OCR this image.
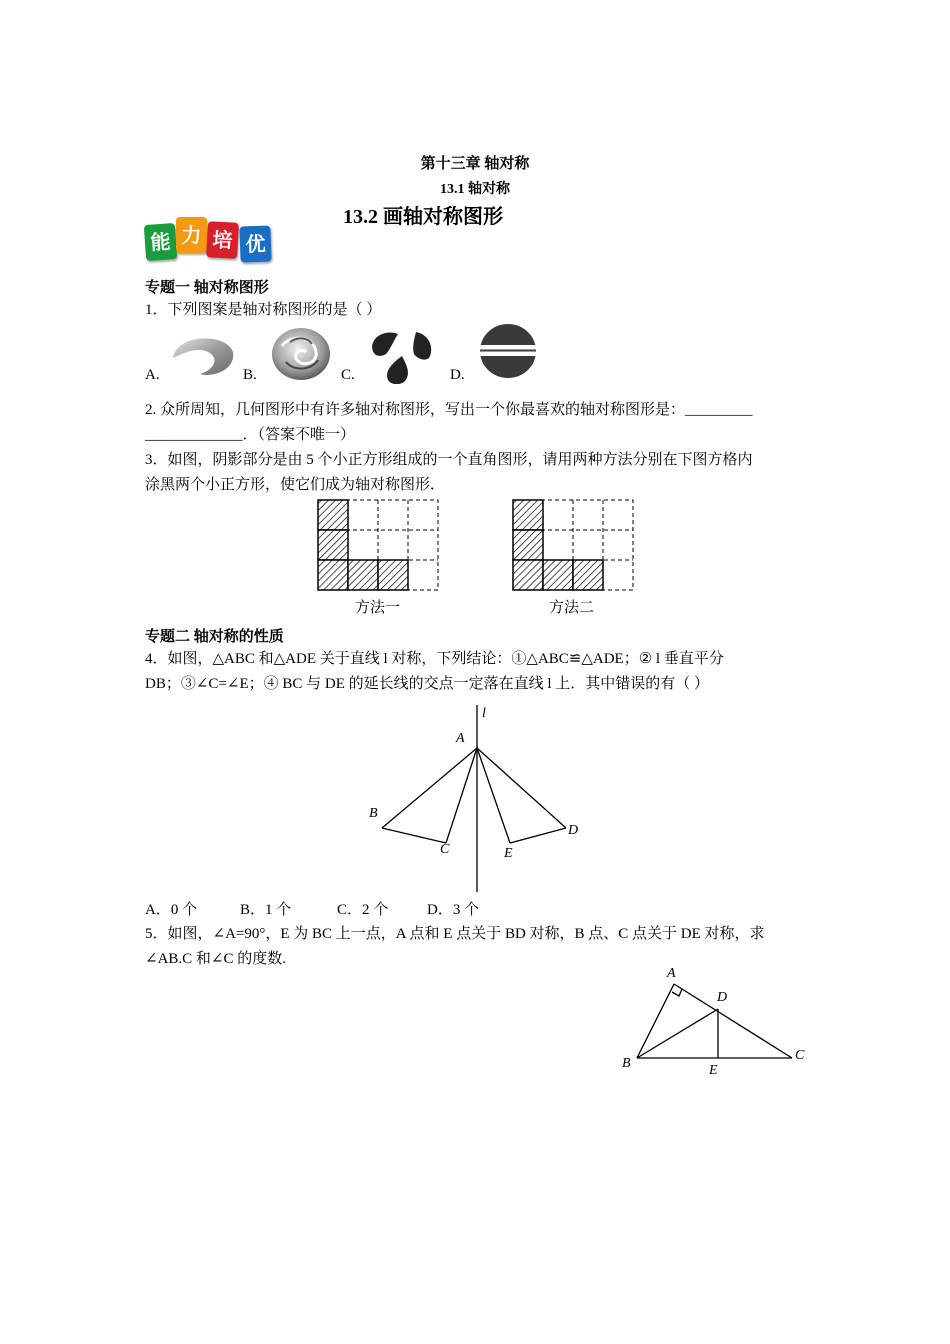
第十三章 轴对称
13.1 轴对称
13.2 画轴对称图形
能 力 培 优
专题一 轴对称图形
1．下列图案是轴对称图形的是（ ）
A.	B.	C.	D.
2. 众所周知，几何图形中有许多轴对称图形，写出一个你最喜欢的轴对称图形是：_________
_____________．（答案不唯一）
3．如图，阴影部分是由 5 个小正方形组成的一个直角图形，请用两种方法分别在下图方格内
涂黑两个小正方形，使它们成为轴对称图形．
方法一	方法二
专题二 轴对称的性质
4．如图，△ABC 和△ADE 关于直线 l 对称，下列结论：①△ABC≌△ADE；② l 垂直平分
DB；③∠C=∠E；④ BC 与 DE 的延长线的交点一定落在直线 l 上．其中错误的有（ ）
l
A
B
C
D
E
A．0 个	B．1 个	C．2 个	D．3 个
5．如图，∠A=90°，E 为 BC 上一点，A 点和 E 点关于 BD 对称，B 点、C 点关于 DE 对称，求
∠AB.C 和∠C 的度数.
A
D
B	E
C
